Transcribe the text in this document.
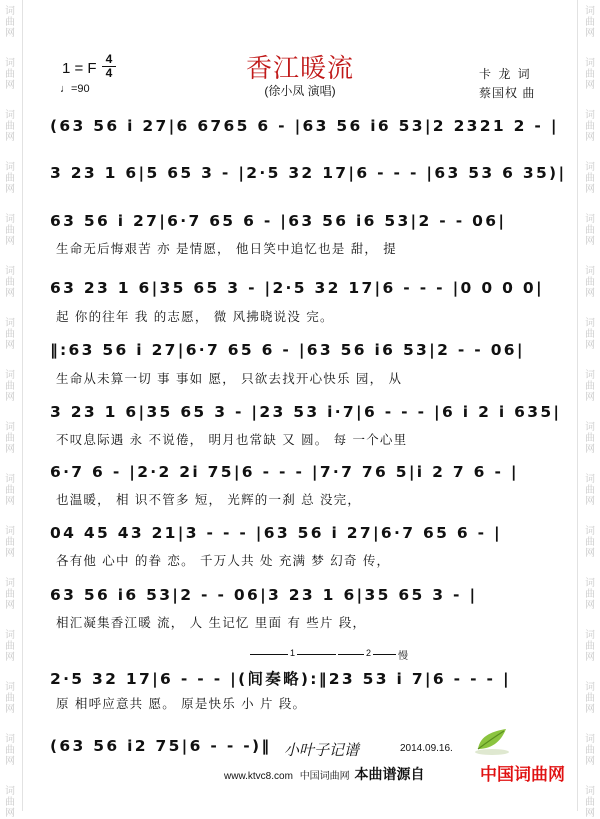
词
曲
网
词
曲
网
词
曲
网
词
曲
网
词
曲
网
词
曲
网
词
曲
网
词
曲
网
词
曲
网
词
曲
网
词
曲
网
词
曲
网
词
曲
网
词
曲
网
词
曲
网
词
曲
网
词
曲
网
词
曲
网
词
曲
网
词
曲
网
词
曲
网
词
曲
网
词
曲
网
词
曲
网
词
曲
网
词
曲
网
词
曲
网
词
曲
网
词
曲
网
词
曲
网
词
曲
网
词
曲
网
1 = F
4
4
♩=90
香江暖流
(徐小凤 演唱)
卡 龙 词
蔡国权 曲
(63 56 i 27|6 6765 6 - |63 56 i6 53|2 2321 2 - |
3 23 1 6|5 65 3 - |2·5 32 17|6 - - - |63 53 6 35)|
63 56 i 27|6·7 65 6 - |63 56 i6 53|2 - - 06|
生命无后悔艰苦 亦 是情愿， 他日笑中追忆也是 甜， 提
63 23 1 6|35 65 3 - |2·5 32 17|6 - - - |0 0 0 0|
起 你的往年 我 的志愿， 微 风拂晓说没 完。
‖:63 56 i 27|6·7 65 6 - |63 56 i6 53|2 - - 06|
生命从未算一切 事 事如 愿， 只欲去找开心快乐 园， 从
3 23 1 6|35 65 3 - |23 53 i·7|6 - - - |6 i 2 i 635|
不叹息际遇 永 不说倦， 明月也常缺 又 圆。 每 一个心里
6·7 6 - |2·2 2i 75|6 - - - |7·7 76 5|i 2 7 6 - |
也温暖， 相 识不管多 短， 光辉的一刹 总 没完，
04 45 43 21|3 - - - |63 56 i 27|6·7 65 6 - |
各有他 心中 的眷 恋。 千万人共 处 充满 梦 幻奇 传，
63 56 i6 53|2 - - 06|3 23 1 6|35 65 3 - |
相汇凝集香江暖 流， 人 生记忆 里面 有 些片 段，
1	2	慢
2·5 32 17|6 - - - |(间奏略):‖23 53 i 7|6 - - - |
原 相呼应意共 愿。 原是快乐 小 片 段。
(63 56 i2 75|6 - - -)‖ 小叶子记谱	2014.09.16.
www.ktvc8.com 中国词曲网 本曲谱源自	中国词曲网
